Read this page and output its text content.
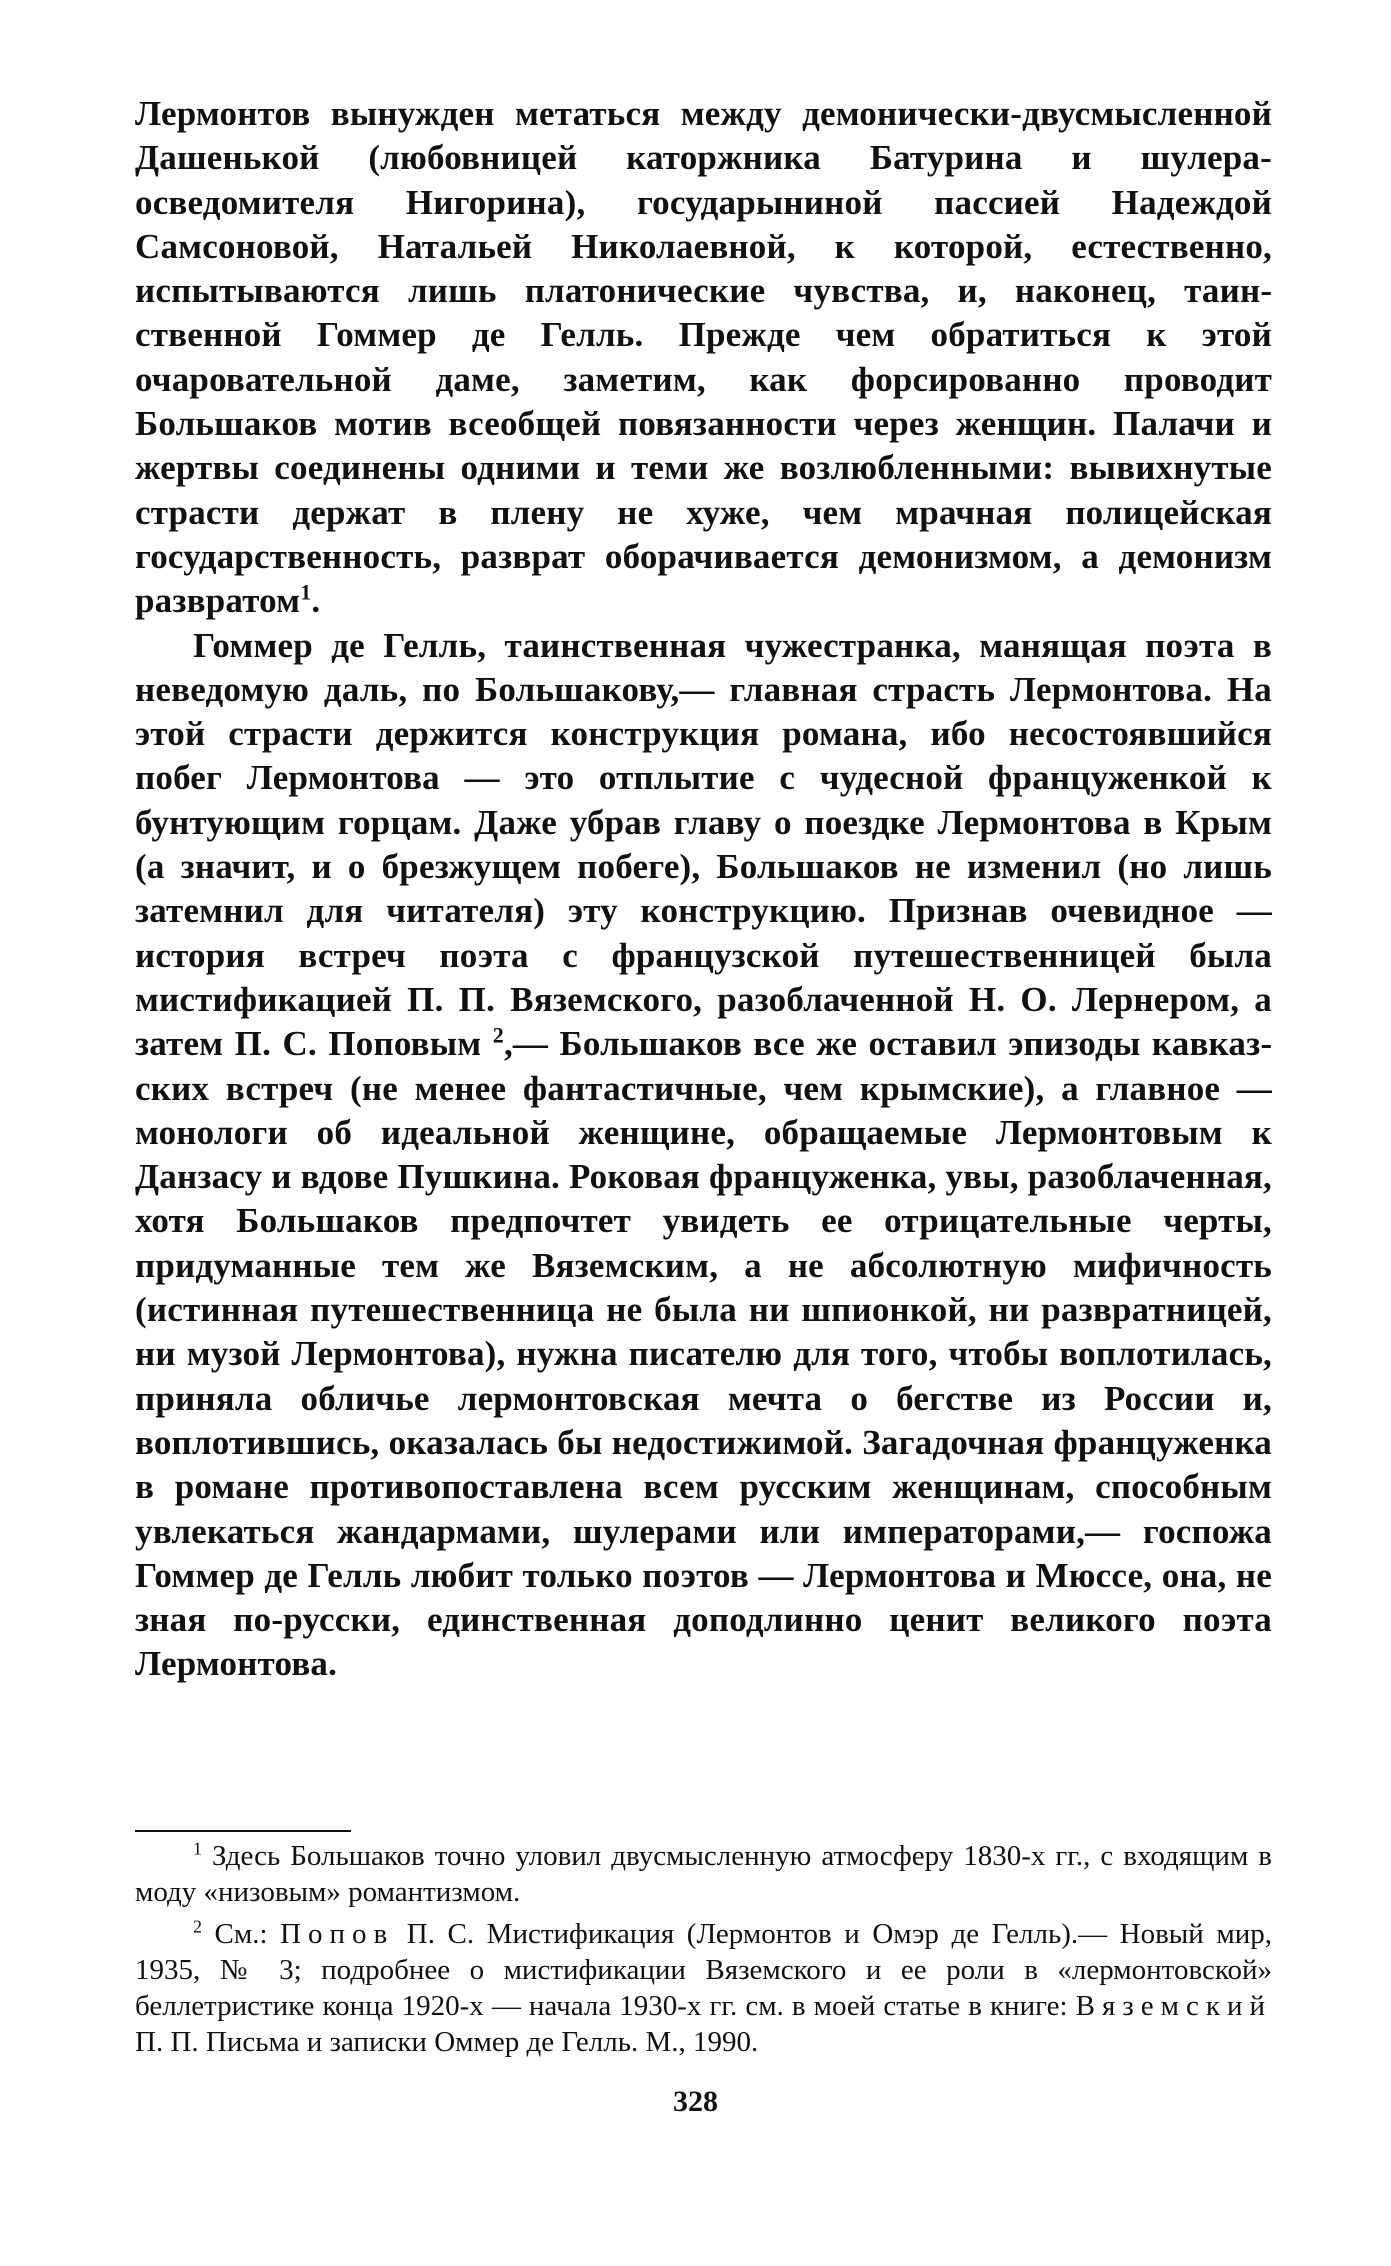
Лермонтов вынужден метаться между демонически-двусмысленной Дашенькой (любовницей каторжника Батурина и шулера-осведомителя Нигорина), государыниной пассией Надеждой Самсоновой, Натальей Николаевной, к которой, естественно, испытываются лишь платонические чувства, и, наконец, таинственной Гоммер де Гелль. Прежде чем обратиться к этой очаровательной даме, заметим, как форсированно проводит Большаков мотив всеобщей повязанности через женщин. Палачи и жертвы соединены одними и теми же возлюбленными: вывихнутые страсти держат в плену не хуже, чем мрачная полицейская государственность, разврат оборачивается демонизмом, а демонизм развратом$^1$.

Гоммер де Гелль, таинственная чужестранка, манящая поэта в неведомую даль, по Большакову,— главная страсть Лермонтова. На этой страсти держится конструкция романа, ибо несостоявшийся побег Лермонтова — это отплытие с чудесной француженкой к бунтующим горцам. Даже убрав главу о поездке Лермонтова в Крым (а значит, и о брезжущем побеге), Большаков не изменил (но лишь затемнил для читателя) эту конструкцию. Признав очевидное — история встреч поэта с французской путешественницей была мистификацией П. П. Вяземского, разоблаченной Н. О. Лернером, а затем П. С. Поповым $^2$,— Большаков все же оставил эпизоды кавказских встреч (не менее фантастичные, чем крымские), а главное — монологи об идеальной женщине, обращаемые Лермонтовым к Данзасу и вдове Пушкина. Роковая француженка, увы, разоблаченная, хотя Большаков предпочтет увидеть ее отрицательные черты, придуманные тем же Вяземским, а не абсолютную мифичность (истинная путешественница не была ни шпионкой, ни развратницей, ни музой Лермонтова), нужна писателю для того, чтобы воплотилась, приняла обличье лермонтовская мечта о бегстве из России и, воплотившись, оказалась бы недостижимой. Загадочная француженка в романе противопоставлена всем русским женщинам, способным увлекаться жандармами, шулерами или императорами,— госпожа Гоммер де Гелль любит только поэтов — Лермонтова и Мюссе, она, не зная по-русски, единственная доподлинно ценит великого поэта Лермонтова.

$^1$ Здесь Большаков точно уловил двусмысленную атмосферу 1830-х гг., с входящим в моду «низовым» романтизмом.

$^2$ См.: Попов П. С. Мистификация (Лермонтов и Омэр де Гелль).— Новый мир, 1935, № 3; подробнее о мистификации Вяземского и ее роли в «лермонтовской» беллетристике конца 1920-х — начала 1930-х гг. см. в моей статье в книге: Вяземский П. П. Письма и записки Оммер де Гелль. М., 1990.

328
